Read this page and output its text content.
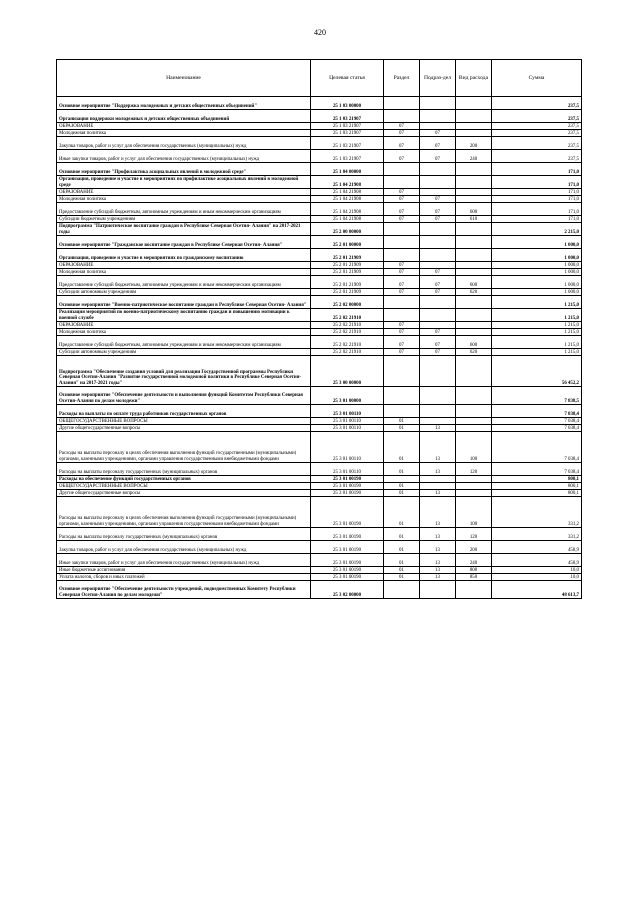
420
Наименование	Целевая статья	Раздел	Подраз-дел	Вид расхода	Сумма
Основное мероприятие "Поддержка молодежных и детских общественных объединений"	25 1 03 00000				237,5
Организация поддержки молодежных и детских общественных объединений	25 1 03 21907				237,5
ОБРАЗОВАНИЕ	25 1 03 21907	07			237,5
Молодежная политика	25 1 03 21907	07	07		237,5
Закупка товаров, работ и услуг для обеспечения государственных (муниципальных) нужд	25 1 03 21907	07	07	200	237,5
Иные закупки товаров, работ и услуг для обеспечения государственных (муниципальных) нужд	25 1 03 21907	07	07	240	237,5
Основное мероприятие "Профилактика асоциальных явлений в молодежной среде"	25 1 04 00000				171,0
Организация, проведение и участие в мероприятиях по профилактике асоциальных явлений в молодежной среде	25 1 04 21908				171,0
ОБРАЗОВАНИЕ	25 1 04 21908	07			171,0
Молодежная политика	25 1 04 21908	07	07		171,0
Предоставление субсидий бюджетным, автономным учреждениям и иным некоммерческим организациям	25 1 04 21908	07	07	600	171,0
Субсидии бюджетным учреждениям	25 1 04 21908	07	07	610	171,0
Подпрограмма "Патриотическое воспитание граждан в Республике Северная Осетия- Алания" на 2017-2021 годы	25 2 00 00000				2 215,0
Основное мероприятие "Гражданское воспитание граждан в Республике Северная Осетия- Алания"	25 2 01 00000				1 000,0
Организация, проведение и участие в мероприятиях по гражданскому воспитанию	25 2 01 21909				1 000,0
ОБРАЗОВАНИЕ	25 2 01 21909	07			1 000,0
Молодежная политика	25 2 01 21909	07	07		1 000,0
Предоставление субсидий бюджетным, автономным учреждениям и иным некоммерческим организациям	25 2 01 21909	07	07	600	1 000,0
Субсидии автономным учреждениям	25 2 01 21909	07	07	620	1 000,0
Основное мероприятие "Военно-патриотическое воспитание граждан в Республике Северная Осетия- Алания"	25 2 02 00000				1 215,0
Реализация мероприятий по военно-патриотическому воспитанию граждан и повышению мотивации к военной службе	25 2 02 21910				1 215,0
ОБРАЗОВАНИЕ	25 2 02 21910	07			1 215,0
Молодежная политика	25 2 02 21910	07	07		1 215,0
Предоставление субсидий бюджетным, автономным учреждениям и иным некоммерческим организациям	25 2 02 21910	07	07	600	1 215,0
Субсидии автономным учреждениям	25 2 02 21910	07	07	620	1 215,0
Подпрограмма "Обеспечение создания условий для реализации Государственной программы Республики Северная Осетия-Алания "Развитие государственной молодежной политики в Республике Северная Осетия-Алания" на 2017-2021 годы"	25 3 00 00000				56 452,2
Основное мероприятие "Обеспечение деятельности и выполнения функций Комитетом Республики Северная Осетия-Алания по делам молодежи"	25 3 01 00000				7 838,5
Расходы на выплаты по оплате труда работников государственных органов	25 3 01 00110				7 038,4
ОБЩЕГОСУДАРСТВЕННЫЕ ВОПРОСЫ	25 3 01 00110	01			7 038,4
Другие общегосударственные вопросы	25 3 01 00110	01	13		7 038,4
Расходы на выплаты персоналу в целях обеспечения выполнения функций государственными (муниципальными) органами, казенными учреждениями, органами управления государственными внебюджетными фондами	25 3 01 00110	01	13	100	7 038,4
Расходы на выплаты персоналу государственных (муниципальных) органов	25 3 01 00110	01	13	120	7 038,4
Расходы на обеспечение функций государственных органов	25 3 01 00190				800,1
ОБЩЕГОСУДАРСТВЕННЫЕ ВОПРОСЫ	25 3 01 00190	01			800,1
Другие общегосударственные вопросы	25 3 01 00190	01	13		800,1
Расходы на выплаты персоналу в целях обеспечения выполнения функций государственными (муниципальными) органами, казенными учреждениями, органами управления государственными внебюджетными фондами	25 3 01 00190	01	13	100	331,2
Расходы на выплаты персоналу государственных (муниципальных) органов	25 3 01 00190	01	13	120	331,2
Закупка товаров, работ и услуг для обеспечения государственных (муниципальных) нужд	25 3 01 00190	01	13	200	458,9
Иные закупки товаров, работ и услуг для обеспечения государственных (муниципальных) нужд	25 3 01 00190	01	13	240	458,9
Иные бюджетные ассигнования	25 3 01 00190	01	13	800	10,0
Уплата налогов, сборов и иных платежей	25 3 01 00190	01	13	850	10,0
Основное мероприятие "Обеспечение деятельности учреждений, подведомственных Комитету Республики Северная Осетия-Алания по делам молодежи"	25 3 02 00000				48 613,7
